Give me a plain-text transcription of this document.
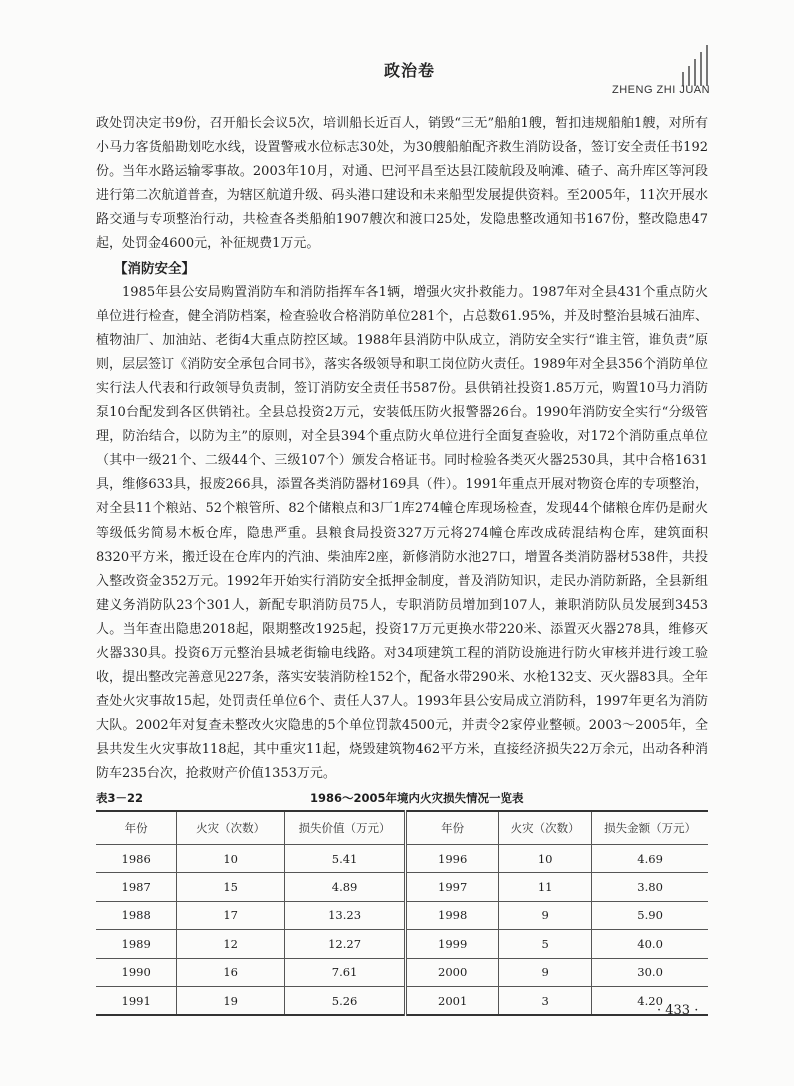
政治卷
ZHENG ZHI JUAN

政处罚决定书9份，召开船长会议5次，培训船长近百人，销毁“三无”船舶1艘，暂扣违规船舶1艘，对所有小马力客货船勘划吃水线，设置警戒水位标志30处，为30艘船舶配齐救生消防设备，签订安全责任书192份。当年水路运输零事故。2003年10月，对通、巴河平昌至达县江陵航段及响滩、碴子、高升库区等河段进行第二次航道普查，为辖区航道升级、码头港口建设和未来船型发展提供资料。至2005年，11次开展水路交通与专项整治行动，共检查各类船舶1907艘次和渡口25处，发隐患整改通知书167份，整改隐患47起，处罚金4600元，补征规费1万元。

【消防安全】

1985年县公安局购置消防车和消防指挥车各1辆，增强火灾扑救能力。1987年对全县431个重点防火单位进行检查，健全消防档案，检查验收合格消防单位281个，占总数61.95%，并及时整治县城石油库、植物油厂、加油站、老街4大重点防控区域。1988年县消防中队成立，消防安全实行“谁主管，谁负责”原则，层层签订《消防安全承包合同书》，落实各级领导和职工岗位防火责任。1989年对全县356个消防单位实行法人代表和行政领导负责制，签订消防安全责任书587份。县供销社投资1.85万元，购置10马力消防泵10台配发到各区供销社。全县总投资2万元，安装低压防火报警器26台。1990年消防安全实行“分级管理，防治结合，以防为主”的原则，对全县394个重点防火单位进行全面复查验收，对172个消防重点单位（其中一级21个、二级44个、三级107个）颁发合格证书。同时检验各类灭火器2530具，其中合格1631具，维修633具，报废266具，添置各类消防器材169具（件）。1991年重点开展对物资仓库的专项整治，对全县11个粮站、52个粮管所、82个储粮点和3厂1库274幢仓库现场检查，发现44个储粮仓库仍是耐火等级低劣简易木板仓库，隐患严重。县粮食局投资327万元将274幢仓库改成砖混结构仓库，建筑面积8320平方米，搬迁设在仓库内的汽油、柴油库2座，新修消防水池27口，增置各类消防器材538件，共投入整改资金352万元。1992年开始实行消防安全抵押金制度，普及消防知识，走民办消防新路，全县新组建义务消防队23个301人，新配专职消防员75人，专职消防员增加到107人，兼职消防队员发展到3453人。当年查出隐患2018起，限期整改1925起，投资17万元更换水带220米、添置灭火器278具，维修灭火器330具。投资6万元整治县城老街输电线路。对34项建筑工程的消防设施进行防火审核并进行竣工验收，提出整改完善意见227条，落实安装消防栓152个，配备水带290米、水枪132支、灭火器83具。全年查处火灾事故15起，处罚责任单位6个、责任人37人。1993年县公安局成立消防科，1997年更名为消防大队。2002年对复查未整改火灾隐患的5个单位罚款4500元，并责令2家停业整顿。2003～2005年，全县共发生火灾事故118起，其中重灾11起，烧毁建筑物462平方米，直接经济损失22万余元，出动各种消防车235台次，抢救财产价值1353万元。

表3－22	1986～2005年境内火灾损失情况一览表
年份	火灾（次数）	损失价值（万元）	年份	火灾（次数）	损失金额（万元）
1986	10	5.41	1996	10	4.69
1987	15	4.89	1997	11	3.80
1988	17	13.23	1998	9	5.90
1989	12	12.27	1999	5	40.0
1990	16	7.61	2000	9	30.0
1991	19	5.26	2001	3	4.20
· 433 ·
